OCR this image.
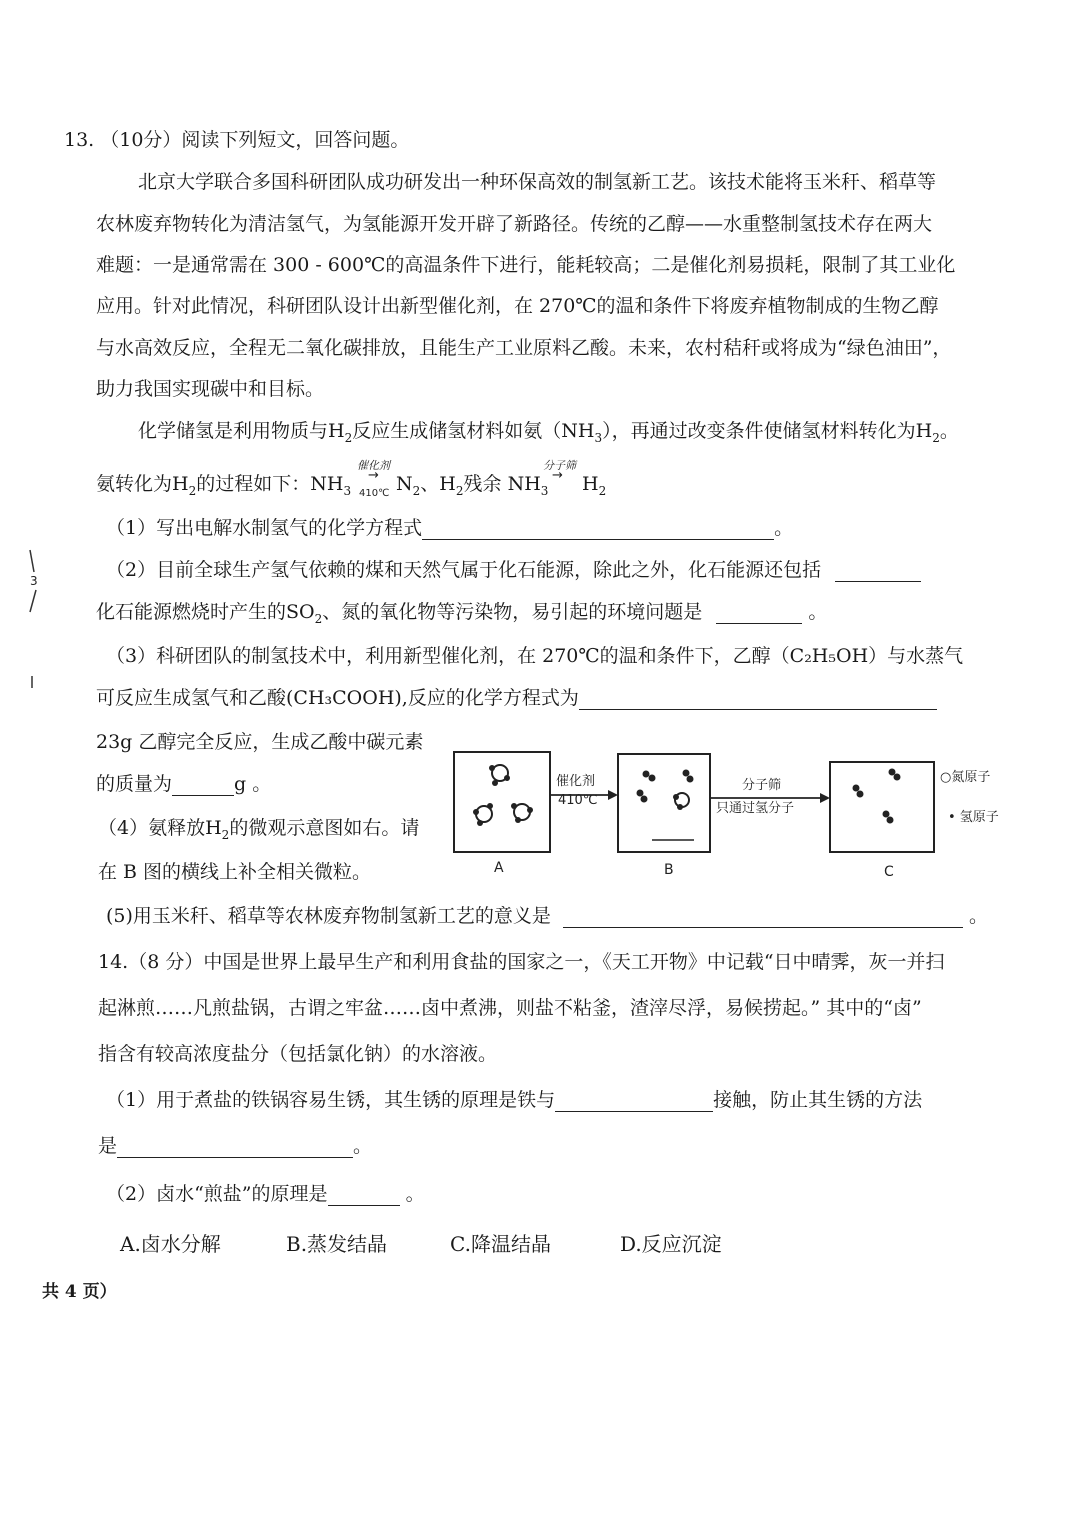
13. （10分）阅读下列短文，回答问题。
北京大学联合多国科研团队成功研发出一种环保高效的制氢新工艺。该技术能将玉米秆、稻草等
农林废弃物转化为清洁氢气，为氢能源开发开辟了新路径。传统的乙醇——水重整制氢技术存在两大
难题：一是通常需在 300 - 600℃的高温条件下进行，能耗较高；二是催化剂易损耗，限制了其工业化
应用。针对此情况，科研团队设计出新型催化剂，在 270℃的温和条件下将废弃植物制成的生物乙醇
与水高效反应，全程无二氧化碳排放，且能生产工业原料乙酸。未来，农村秸秆或将成为“绿色油田”，
助力我国实现碳中和目标。
化学储氢是利用物质与$H_2$反应生成储氢材料如氨$(NH_3)$，再通过改变条件使储氢材料转化为$H_2$。
氨转化为$H_2$的过程如下：$NH_3$
催化剂
→
410℃ $N_2$、$H_2$残余 $NH_3$
分子筛
→ $H_2$
（1）写出电解水制氢气的化学方程式	。
（2）目前全球生产氢气依赖的煤和天然气属于化石能源，除此之外，化石能源还包括
化石能源燃烧时产生的$SO_2$、氮的氧化物等污染物，易引起的环境问题是	。
（3）科研团队的制氢技术中，利用新型催化剂，在 270℃的温和条件下，乙醇（C₂H₅OH）与水蒸气
可反应生成氢气和乙酸(CH₃COOH),反应的化学方程式为
23g 乙醇完全反应，生成乙酸中碳元素
的质量为	g 。
（4）氨释放$H_2$的微观示意图如右。请
在 B 图的横线上补全相关微粒。
催化剂
410℃
分子筛
只通过氢分子
○氮原子
• 氢原子
A	B	C
(5)用玉米秆、稻草等农林废弃物制氢新工艺的意义是	。
14.（8 分）中国是世界上最早生产和利用食盐的国家之一，《天工开物》中记载“日中晴霁，灰一并扫
起淋煎……凡煎盐锅，古谓之牢盆……卤中煮沸，则盐不粘釜，渣滓尽浮，易候捞起。” 其中的“卤”
指含有较高浓度盐分（包括氯化钠）的水溶液。
（1）用于煮盐的铁锅容易生锈，其生锈的原理是铁与	接触，防止其生锈的方法
是	。
（2）卤水“煎盐”的原理是	。
A.卤水分解	B.蒸发结晶	C.降温结晶	D.反应沉淀
共 4 页）
3
